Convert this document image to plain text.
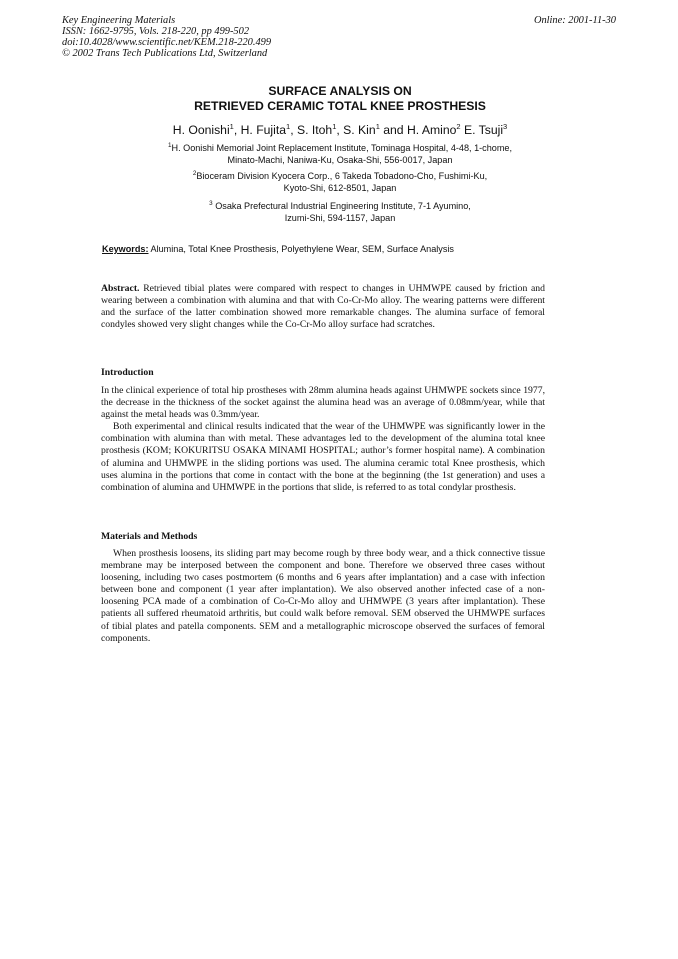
Key Engineering Materials
ISSN: 1662-9795, Vols. 218-220, pp 499-502
doi:10.4028/www.scientific.net/KEM.218-220.499
© 2002 Trans Tech Publications Ltd, Switzerland
Online: 2001-11-30
SURFACE ANALYSIS ON
RETRIEVED CERAMIC TOTAL KNEE PROSTHESIS
H. Oonishi$^1$, H. Fujita$^1$, S. Itoh$^1$, S. Kin$^1$ and H. Amino$^2$ E. Tsuji$^3$
$^1$H. Oonishi Memorial Joint Replacement Institute, Tominaga Hospital, 4-48, 1-chome,
Minato-Machi, Naniwa-Ku, Osaka-Shi, 556-0017, Japan
$^2$Bioceram Division Kyocera Corp., 6 Takeda Tobadono-Cho, Fushimi-Ku,
Kyoto-Shi, 612-8501, Japan
$^3$ Osaka Prefectural Industrial Engineering Institute, 7-1 Ayumino,
Izumi-Shi, 594-1157, Japan
Keywords: Alumina, Total Knee Prosthesis, Polyethylene Wear, SEM, Surface Analysis

Abstract. Retrieved tibial plates were compared with respect to changes in UHMWPE caused by friction and wearing between a combination with alumina and that with Co-Cr-Mo alloy. The wearing patterns were different and the surface of the latter combination showed more remarkable changes. The alumina surface of femoral condyles showed very slight changes while the Co-Cr-Mo alloy surface had scratches.

Introduction

In the clinical experience of total hip prostheses with 28mm alumina heads against UHMWPE sockets since 1977, the decrease in the thickness of the socket against the alumina head was an average of 0.08mm/year, while that against the metal heads was 0.3mm/year.

Both experimental and clinical results indicated that the wear of the UHMWPE was significantly lower in the combination with alumina than with metal. These advantages led to the development of the alumina total knee prosthesis (KOM; KOKURITSU OSAKA MINAMI HOSPITAL; author’s former hospital name). A combination of alumina and UHMWPE in the sliding portions was used. The alumina ceramic total Knee prosthesis, which uses alumina in the portions that come in contact with the bone at the beginning (the 1st generation) and uses a combination of alumina and UHMWPE in the portions that slide, is referred to as total condylar prosthesis.

Materials and Methods

When prosthesis loosens, its sliding part may become rough by three body wear, and a thick connective tissue membrane may be interposed between the component and bone. Therefore we observed three cases without loosening, including two cases postmortem (6 months and 6 years after implantation) and a case with infection between bone and component (1 year after implantation). We also observed another infected case of a non-loosening PCA made of a combination of Co-Cr-Mo alloy and UHMWPE (3 years after implantation). These patients all suffered rheumatoid arthritis, but could walk before removal. SEM observed the UHMWPE surfaces of tibial plates and patella components. SEM and a metallographic microscope observed the surfaces of femoral components.
